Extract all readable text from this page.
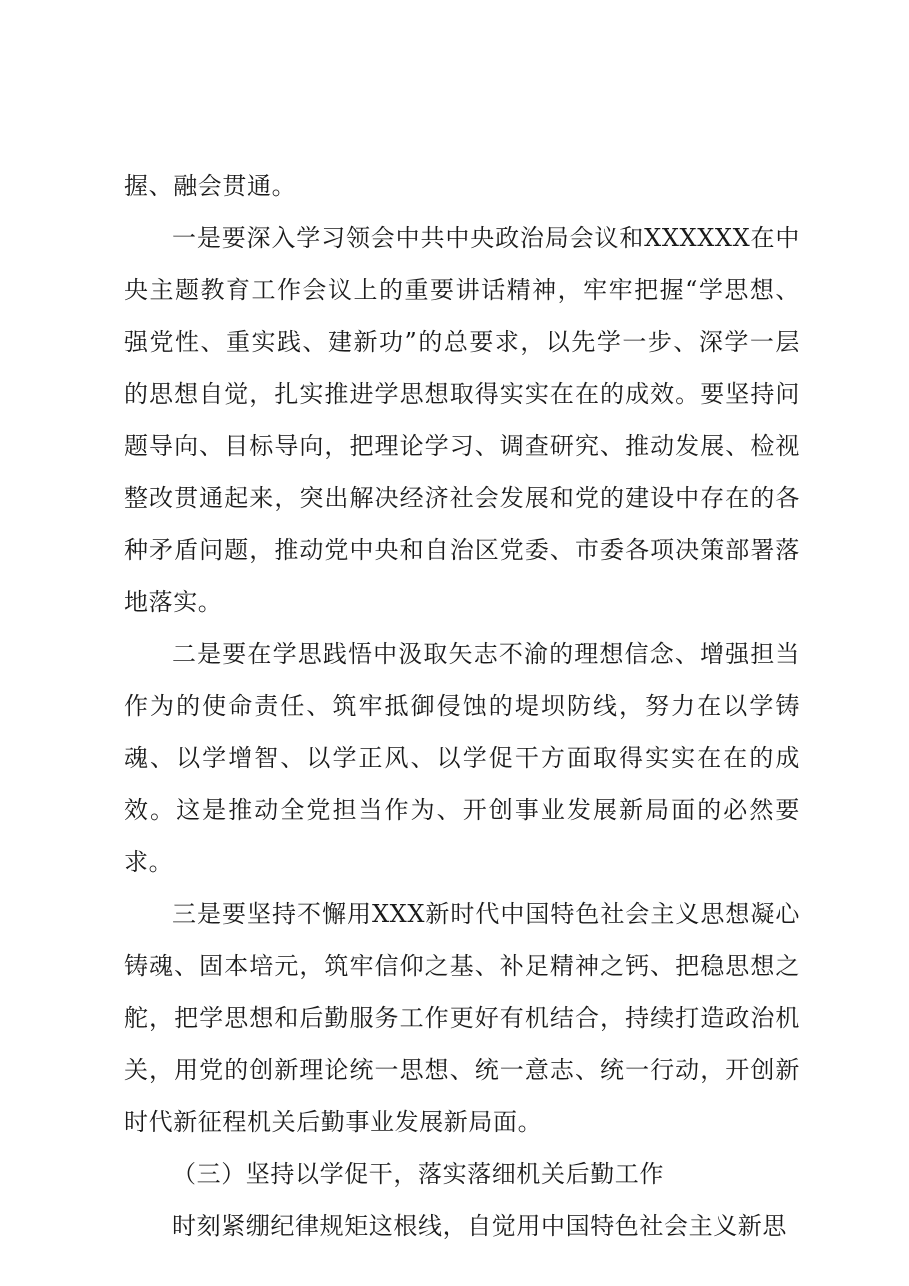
握、融会贯通。

一是要深入学习领会中共中央政治局会议和XXXXXX在中央主题教育工作会议上的重要讲话精神，牢牢把握“学思想、强党性、重实践、建新功”的总要求，以先学一步、深学一层的思想自觉，扎实推进学思想取得实实在在的成效。要坚持问题导向、目标导向，把理论学习、调查研究、推动发展、检视整改贯通起来，突出解决经济社会发展和党的建设中存在的各种矛盾问题，推动党中央和自治区党委、市委各项决策部署落地落实。

二是要在学思践悟中汲取矢志不渝的理想信念、增强担当作为的使命责任、筑牢抵御侵蚀的堤坝防线，努力在以学铸魂、以学增智、以学正风、以学促干方面取得实实在在的成效。这是推动全党担当作为、开创事业发展新局面的必然要求。

三是要坚持不懈用XXX新时代中国特色社会主义思想凝心铸魂、固本培元，筑牢信仰之基、补足精神之钙、把稳思想之舵，把学思想和后勤服务工作更好有机结合，持续打造政治机关，用党的创新理论统一思想、统一意志、统一行动，开创新时代新征程机关后勤事业发展新局面。

（三）坚持以学促干，落实落细机关后勤工作

时刻紧绷纪律规矩这根线，自觉用中国特色社会主义新思
